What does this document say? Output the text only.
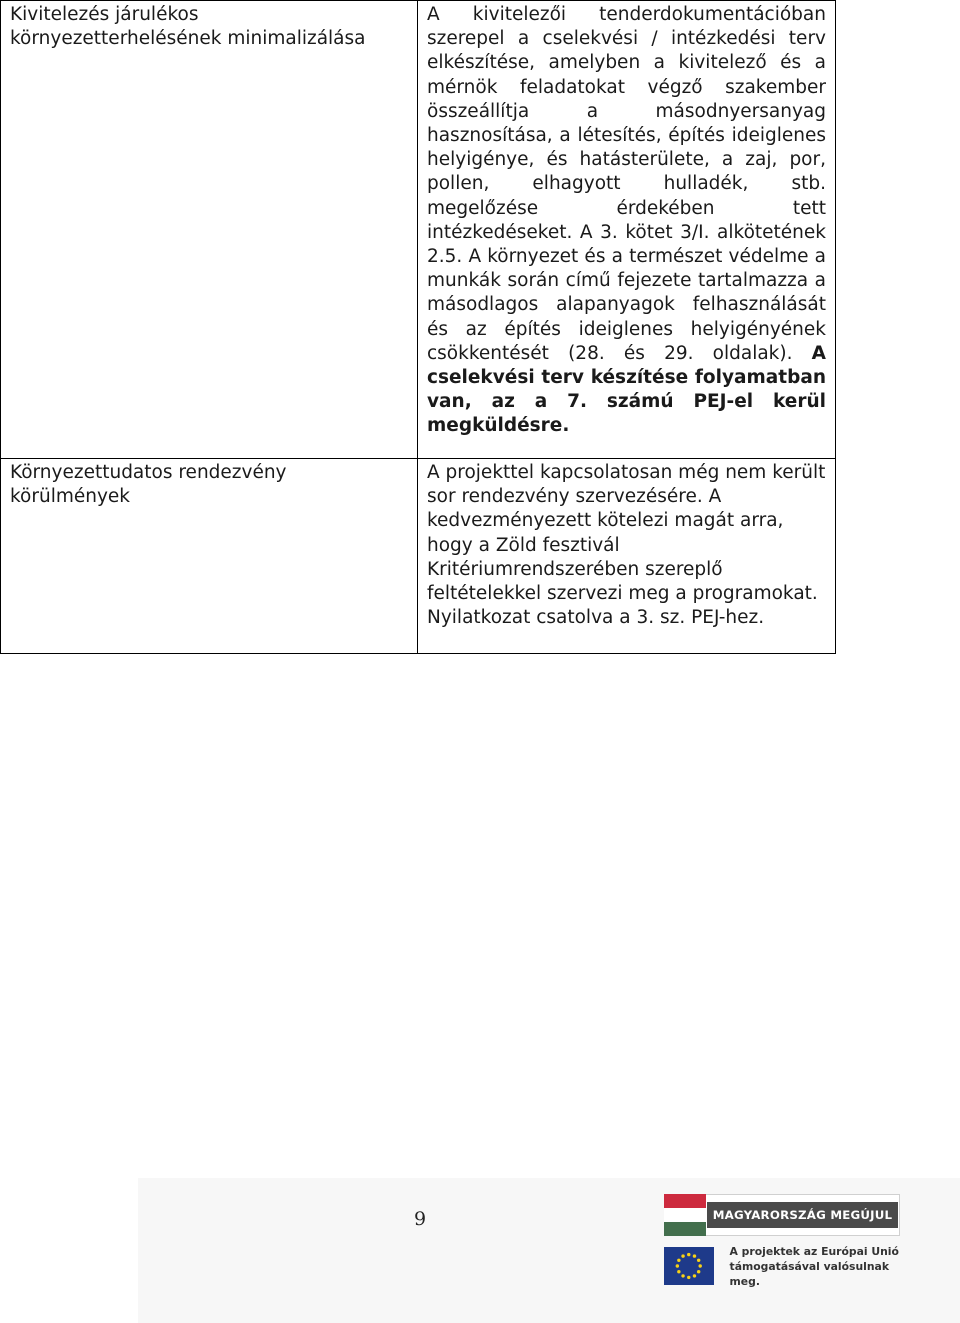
Kivitelezés járulékos környezetterhelésének minimalizálása	A kivitelezői tenderdokumentációban szerepel a cselekvési / intézkedési terv elkészítése, amelyben a kivitelező és a mérnök feladatokat végző szakember összeállítja a másodnyersanyag hasznosítása, a létesítés, építés ideiglenes helyigénye, és hatásterülete, a zaj, por, pollen, elhagyott hulladék, stb. megelőzése érdekében tett intézkedéseket. A 3. kötet 3/I. alkötetének 2.5. A környezet és a természet védelme a munkák során című fejezete tartalmazza a másodlagos alapanyagok felhasználását és az építés ideiglenes helyigényének csökkentését (28. és 29. oldalak). A cselekvési terv készítése folyamatban van, az a 7. számú PEJ-el kerül megküldésre.

Környezettudatos rendezvény körülmények	A projekttel kapcsolatosan még nem került sor rendezvény szervezésére. A kedvezményezett kötelezi magát arra, hogy a Zöld fesztivál Kritériumrendszerében szereplő feltételekkel szervezi meg a programokat. Nyilatkozat csatolva a 3. sz. PEJ-hez.
9	MAGYARORSZÁG MEGÚJUL
A projektek az Európai Unió
támogatásával valósulnak meg.
